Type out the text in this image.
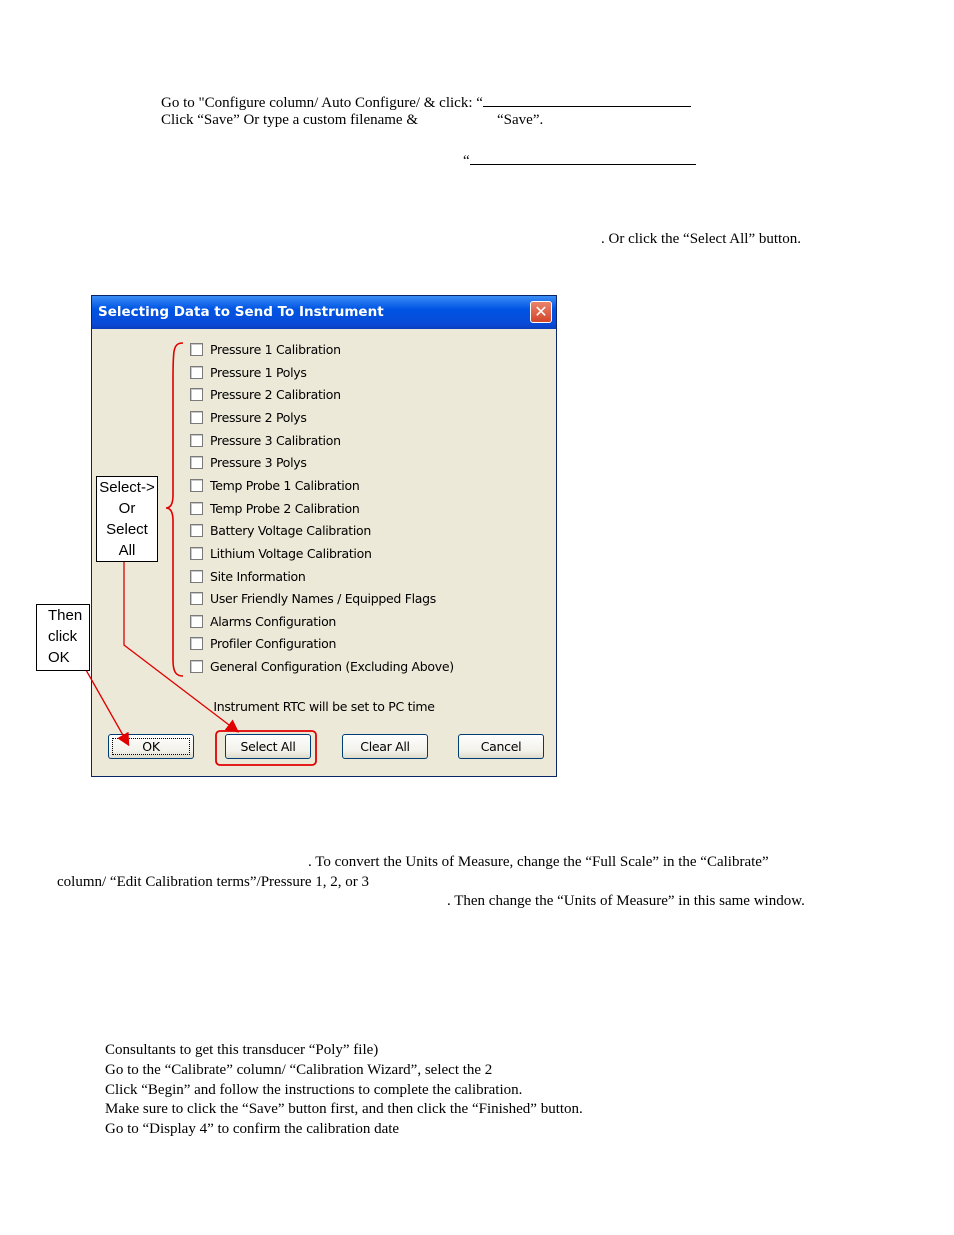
Go to "Configure column/ Auto Configure/ & click: “
Click “Save” Or type a custom filename &	“Save”.
“
. Or click the “Select All” button.
Selecting Data to Send To Instrument	✕
Pressure 1 Calibration
Pressure 1 Polys
Pressure 2 Calibration
Pressure 2 Polys
Pressure 3 Calibration
Pressure 3 Polys
Temp Probe 1 Calibration
Temp Probe 2 Calibration
Battery Voltage Calibration
Lithium Voltage Calibration
Site Information
User Friendly Names / Equipped Flags
Alarms Configuration
Profiler Configuration
General Configuration (Excluding Above)
Instrument RTC will be set to PC time
OK	Select All	Clear All	Cancel
Select->
Or
Select
All
Then
click
OK
. To convert the Units of Measure, change the “Full Scale” in the “Calibrate”
column/ “Edit Calibration terms”/Pressure 1, 2, or 3
. Then change the “Units of Measure” in this same window.
Consultants to get this transducer “Poly” file)
Go to the “Calibrate” column/ “Calibration Wizard”, select the 2
Click “Begin” and follow the instructions to complete the calibration.
Make sure to click the “Save” button first, and then click the “Finished” button.
Go to “Display 4” to confirm the calibration date
